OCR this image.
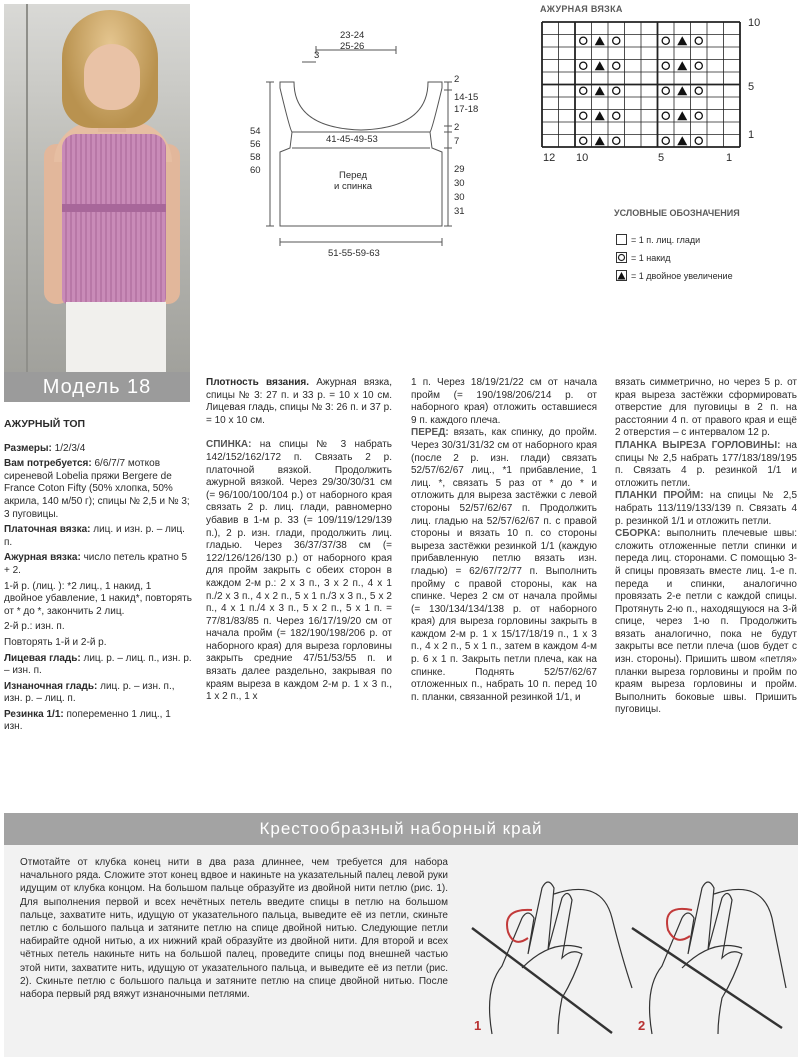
Модель 18
АЖУРНЫЙ ТОП

Размеры: 1/2/3/4

Вам потребуется: 6/6/7/7 мотков сиреневой Lobelia пряжи Bergere de France Coton Fifty (50% хлопка, 50% акрила, 140 м/50 г); спицы № 2,5 и № 3; 3 пуговицы.

Платочная вязка: лиц. и изн. р. – лиц. п.

Ажурная вязка: число петель кратно 5 + 2.

1-й р. (лиц. ): *2 лиц., 1 накид, 1 двойное убавление, 1 накид*, повторять от * до *, закончить 2 лиц.

2-й р.: изн. п.

Повторять 1-й и 2-й р.

Лицевая гладь: лиц. р. – лиц. п., изн. р. – изн. п.

Изнаночная гладь: лиц. р. – изн. п., изн. р. – лиц. п.

Резинка 1/1: попеременно 1 лиц., 1 изн.

23-24
25-26
3
41-45-49-53
Перед
и спинка
51-55-59-63
54
56
58
60
2
14-15
17-18
2
7
29
30
30
31
АЖУРНАЯ ВЯЗКА
10
5
1
12 10	5	1
УСЛОВНЫЕ ОБОЗНАЧЕНИЯ
= 1 п. лиц. глади
= 1 накид
= 1 двойное увеличение

Плотность вязания. Ажурная вязка, спицы № 3: 27 п. и 33 р. = 10 х 10 см. Лицевая гладь, спицы № 3: 26 п. и 37 р. = 10 х 10 см.

СПИНКА: на спицы № 3 набрать 142/152/162/172 п. Связать 2 р. платочной вязкой. Продолжить ажурной вязкой. Через 29/30/30/31 см (= 96/100/100/104 р.) от наборного края связать 2 р. лиц. глади, равномерно убавив в 1-м р. 33 (= 109/119/129/139 п.), 2 р. изн. глади, продолжить лиц. гладью. Через 36/37/37/38 см (= 122/126/126/130 р.) от наборного края для пройм закрыть с обеих сторон в каждом 2-м р.: 2 х 3 п., 3 х 2 п., 4 х 1 п./2 х 3 п., 4 х 2 п., 5 х 1 п./3 х 3 п., 5 х 2 п., 4 х 1 п./4 х 3 п., 5 х 2 п., 5 х 1 п. = 77/81/83/85 п. Через 16/17/19/20 см от начала пройм (= 182/190/198/206 р. от наборного края) для выреза горловины закрыть средние 47/51/53/55 п. и вязать далее раздельно, закрывая по краям выреза в каждом 2-м р. 1 х 3 п., 1 х 2 п., 1 х

1 п. Через 18/19/21/22 см от начала пройм (= 190/198/206/214 р. от наборного края) отложить оставшиеся 9 п. каждого плеча.

ПЕРЕД: вязать, как спинку, до пройм. Через 30/31/31/32 см от наборного края (после 2 р. изн. глади) связать 52/57/62/67 лиц., *1 прибавление, 1 лиц. *, связать 5 раз от * до * и отложить для выреза застёжки с левой стороны 52/57/62/67 п. Продолжить лиц. гладью на 52/57/62/67 п. с правой стороны и вязать 10 п. со стороны выреза застёжки резинкой 1/1 (каждую прибавленную петлю вязать изн. гладью) = 62/67/72/77 п. Выполнить пройму с правой стороны, как на спинке. Через 2 см от начала проймы (= 130/134/134/138 р. от наборного края) для выреза горловины закрыть в каждом 2-м р. 1 х 15/17/18/19 п., 1 х 3 п., 4 х 2 п., 5 х 1 п., затем в каждом 4-м р. 6 х 1 п. Закрыть петли плеча, как на спинке. Поднять 52/57/62/67 отложенных п., набрать 10 п. перед 10 п. планки, связанной резинкой 1/1, и

вязать симметрично, но через 5 р. от края выреза застёжки сформировать отверстие для пуговицы в 2 п. на расстоянии 4 п. от правого края и ещё 2 отверстия – с интервалом 12 р.

ПЛАНКА ВЫРЕЗА ГОРЛОВИНЫ: на спицы № 2,5 набрать 177/183/189/195 п. Связать 4 р. резинкой 1/1 и отложить петли.

ПЛАНКИ ПРОЙМ: на спицы № 2,5 набрать 113/119/133/139 п. Связать 4 р. резинкой 1/1 и отложить петли.

СБОРКА: выполнить плечевые швы: сложить отложенные петли спинки и переда лиц. сторонами. С помощью 3-й спицы провязать вместе лиц. 1-е п. переда и спинки, аналогично провязать 2-е петли с каждой спицы. Протянуть 2-ю п., находящуюся на 3-й спице, через 1-ю п. Продолжить вязать аналогично, пока не будут закрыты все петли плеча (шов будет с изн. стороны). Пришить швом «петля» планки выреза горловины и пройм по краям выреза горловины и пройм. Выполнить боковые швы. Пришить пуговицы.

Крестообразный наборный край
Отмотайте от клубка конец нити в два раза длиннее, чем требуется для набора начального ряда. Сложите этот конец вдвое и накиньте на указательный палец левой руки идущим от клубка концом. На большом пальце образуйте из двойной нити петлю (рис. 1). Для выполнения первой и всех нечётных петель введите спицы в петлю на большом пальце, захватите нить, идущую от указательного пальца, выведите её из петли, скиньте петлю с большого пальца и затяните петлю на спице двойной нитью. Следующие петли набирайте одной нитью, а их нижний край образуйте из двойной нити. Для второй и всех чётных петель накиньте нить на большой палец, проведите спицы под внешней частью этой нити, захватите нить, идущую от указательного пальца, и выведите её из петли (рис. 2). Скиньте петлю с большого пальца и затяните петлю на спице двойной нитью. После набора первый ряд вяжут изнаночными петлями.
1	2
